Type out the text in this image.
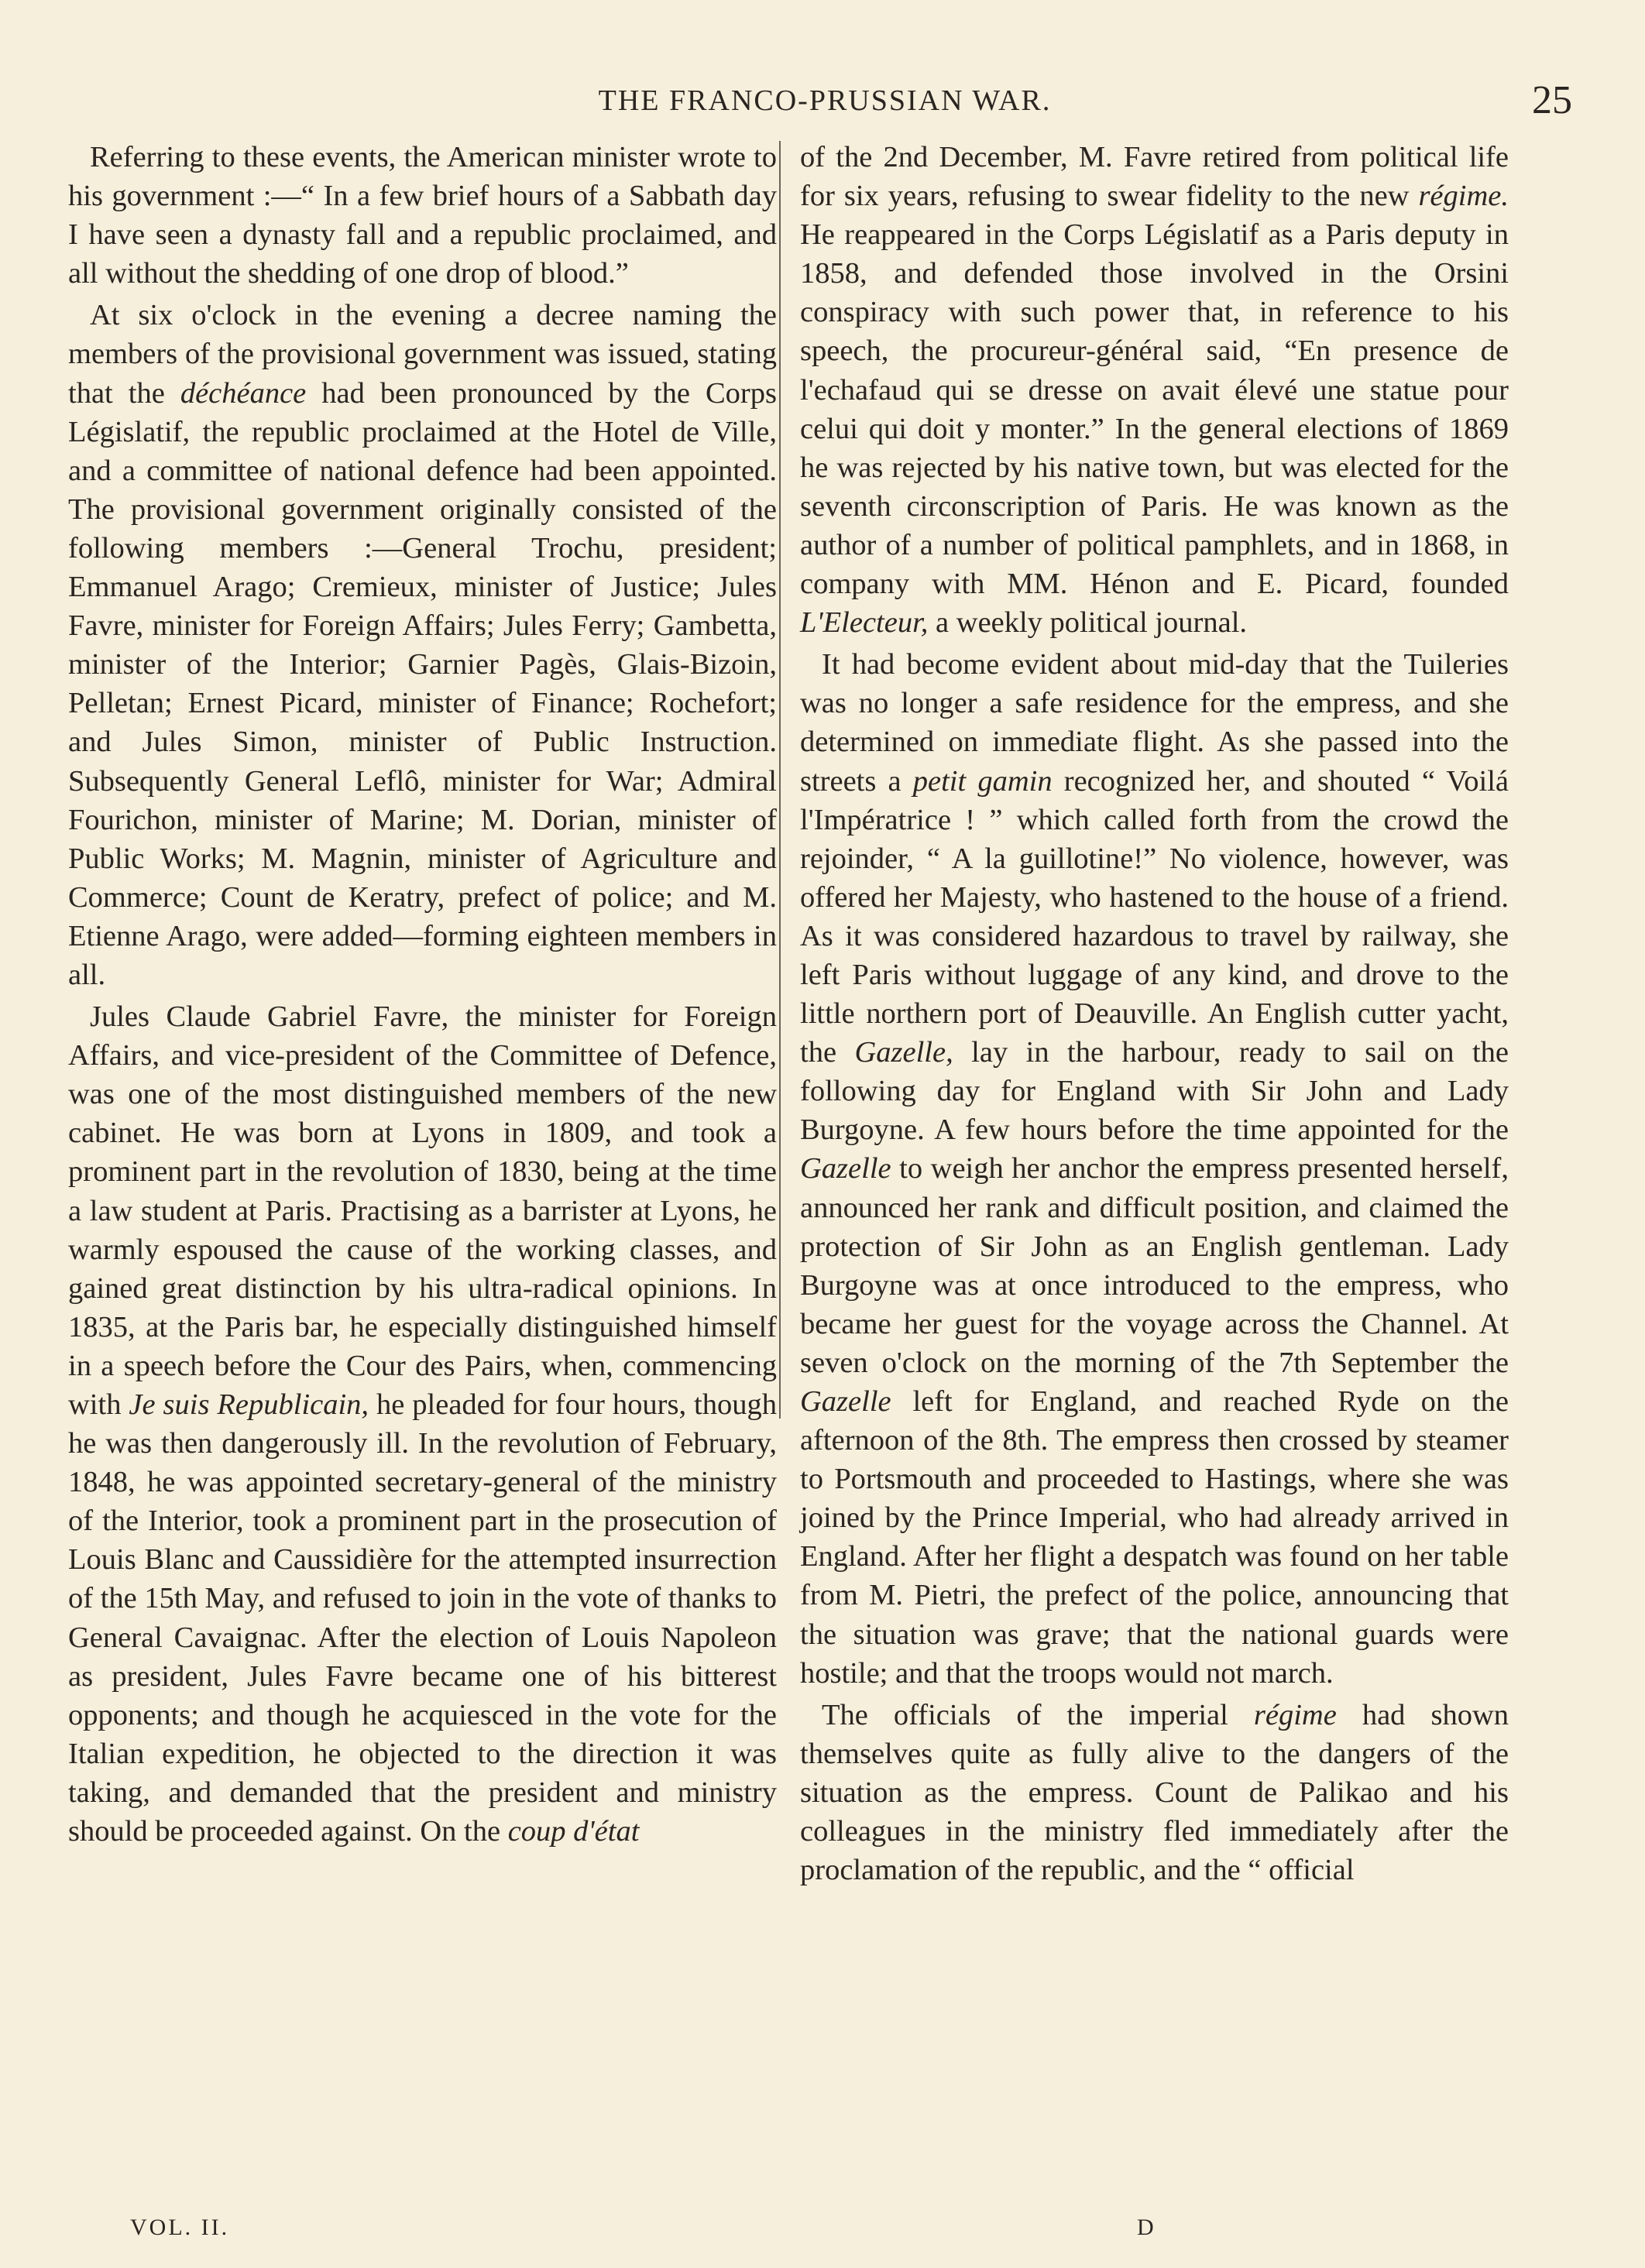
THE FRANCO-PRUSSIAN WAR.	25

Referring to these events, the American minister wrote to his government :—“ In a few brief hours of a Sabbath day I have seen a dynasty fall and a republic proclaimed, and all without the shedding of one drop of blood.”

At six o'clock in the evening a decree naming the members of the provisional government was issued, stating that the déchéance had been pronounced by the Corps Législatif, the republic proclaimed at the Hotel de Ville, and a committee of national defence had been appointed. The provisional government originally consisted of the following members :—General Trochu, president; Emmanuel Arago; Cremieux, minister of Justice; Jules Favre, minister for Foreign Affairs; Jules Ferry; Gambetta, minister of the Interior; Garnier Pagès, Glais-Bizoin, Pelletan; Ernest Picard, minister of Finance; Rochefort; and Jules Simon, minister of Public Instruction. Subsequently General Leflô, minister for War; Admiral Fourichon, minister of Marine; M. Dorian, minister of Public Works; M. Magnin, minister of Agriculture and Commerce; Count de Keratry, prefect of police; and M. Etienne Arago, were added—forming eighteen members in all.

Jules Claude Gabriel Favre, the minister for Foreign Affairs, and vice-president of the Committee of Defence, was one of the most distinguished members of the new cabinet. He was born at Lyons in 1809, and took a prominent part in the revolution of 1830, being at the time a law student at Paris. Practising as a barrister at Lyons, he warmly espoused the cause of the working classes, and gained great distinction by his ultra-radical opinions. In 1835, at the Paris bar, he especially distinguished himself in a speech before the Cour des Pairs, when, commencing with Je suis Republicain, he pleaded for four hours, though he was then dangerously ill. In the revolution of February, 1848, he was appointed secretary-general of the ministry of the Interior, took a prominent part in the prosecution of Louis Blanc and Caussidière for the attempted insurrection of the 15th May, and refused to join in the vote of thanks to General Cavaignac. After the election of Louis Napoleon as president, Jules Favre became one of his bitterest opponents; and though he acquiesced in the vote for the Italian expedition, he objected to the direction it was taking, and demanded that the president and ministry should be proceeded against. On the coup d'état

of the 2nd December, M. Favre retired from political life for six years, refusing to swear fidelity to the new régime. He reappeared in the Corps Législatif as a Paris deputy in 1858, and defended those involved in the Orsini conspiracy with such power that, in reference to his speech, the procureur-général said, “En presence de l'echafaud qui se dresse on avait élevé une statue pour celui qui doit y monter.” In the general elections of 1869 he was rejected by his native town, but was elected for the seventh circonscription of Paris. He was known as the author of a number of political pamphlets, and in 1868, in company with MM. Hénon and E. Picard, founded L'Electeur, a weekly political journal.

It had become evident about mid-day that the Tuileries was no longer a safe residence for the empress, and she determined on immediate flight. As she passed into the streets a petit gamin recognized her, and shouted “ Voilá l'Impératrice ! ” which called forth from the crowd the rejoinder, “ A la guillotine!” No violence, however, was offered her Majesty, who hastened to the house of a friend. As it was considered hazardous to travel by railway, she left Paris without luggage of any kind, and drove to the little northern port of Deauville. An English cutter yacht, the Gazelle, lay in the harbour, ready to sail on the following day for England with Sir John and Lady Burgoyne. A few hours before the time appointed for the Gazelle to weigh her anchor the empress presented herself, announced her rank and difficult position, and claimed the protection of Sir John as an English gentleman. Lady Burgoyne was at once introduced to the empress, who became her guest for the voyage across the Channel. At seven o'clock on the morning of the 7th September the Gazelle left for England, and reached Ryde on the afternoon of the 8th. The empress then crossed by steamer to Portsmouth and proceeded to Hastings, where she was joined by the Prince Imperial, who had already arrived in England. After her flight a despatch was found on her table from M. Pietri, the prefect of the police, announcing that the situation was grave; that the national guards were hostile; and that the troops would not march.

The officials of the imperial régime had shown themselves quite as fully alive to the dangers of the situation as the empress. Count de Palikao and his colleagues in the ministry fled immediately after the proclamation of the republic, and the “ official

VOL. II.	D
